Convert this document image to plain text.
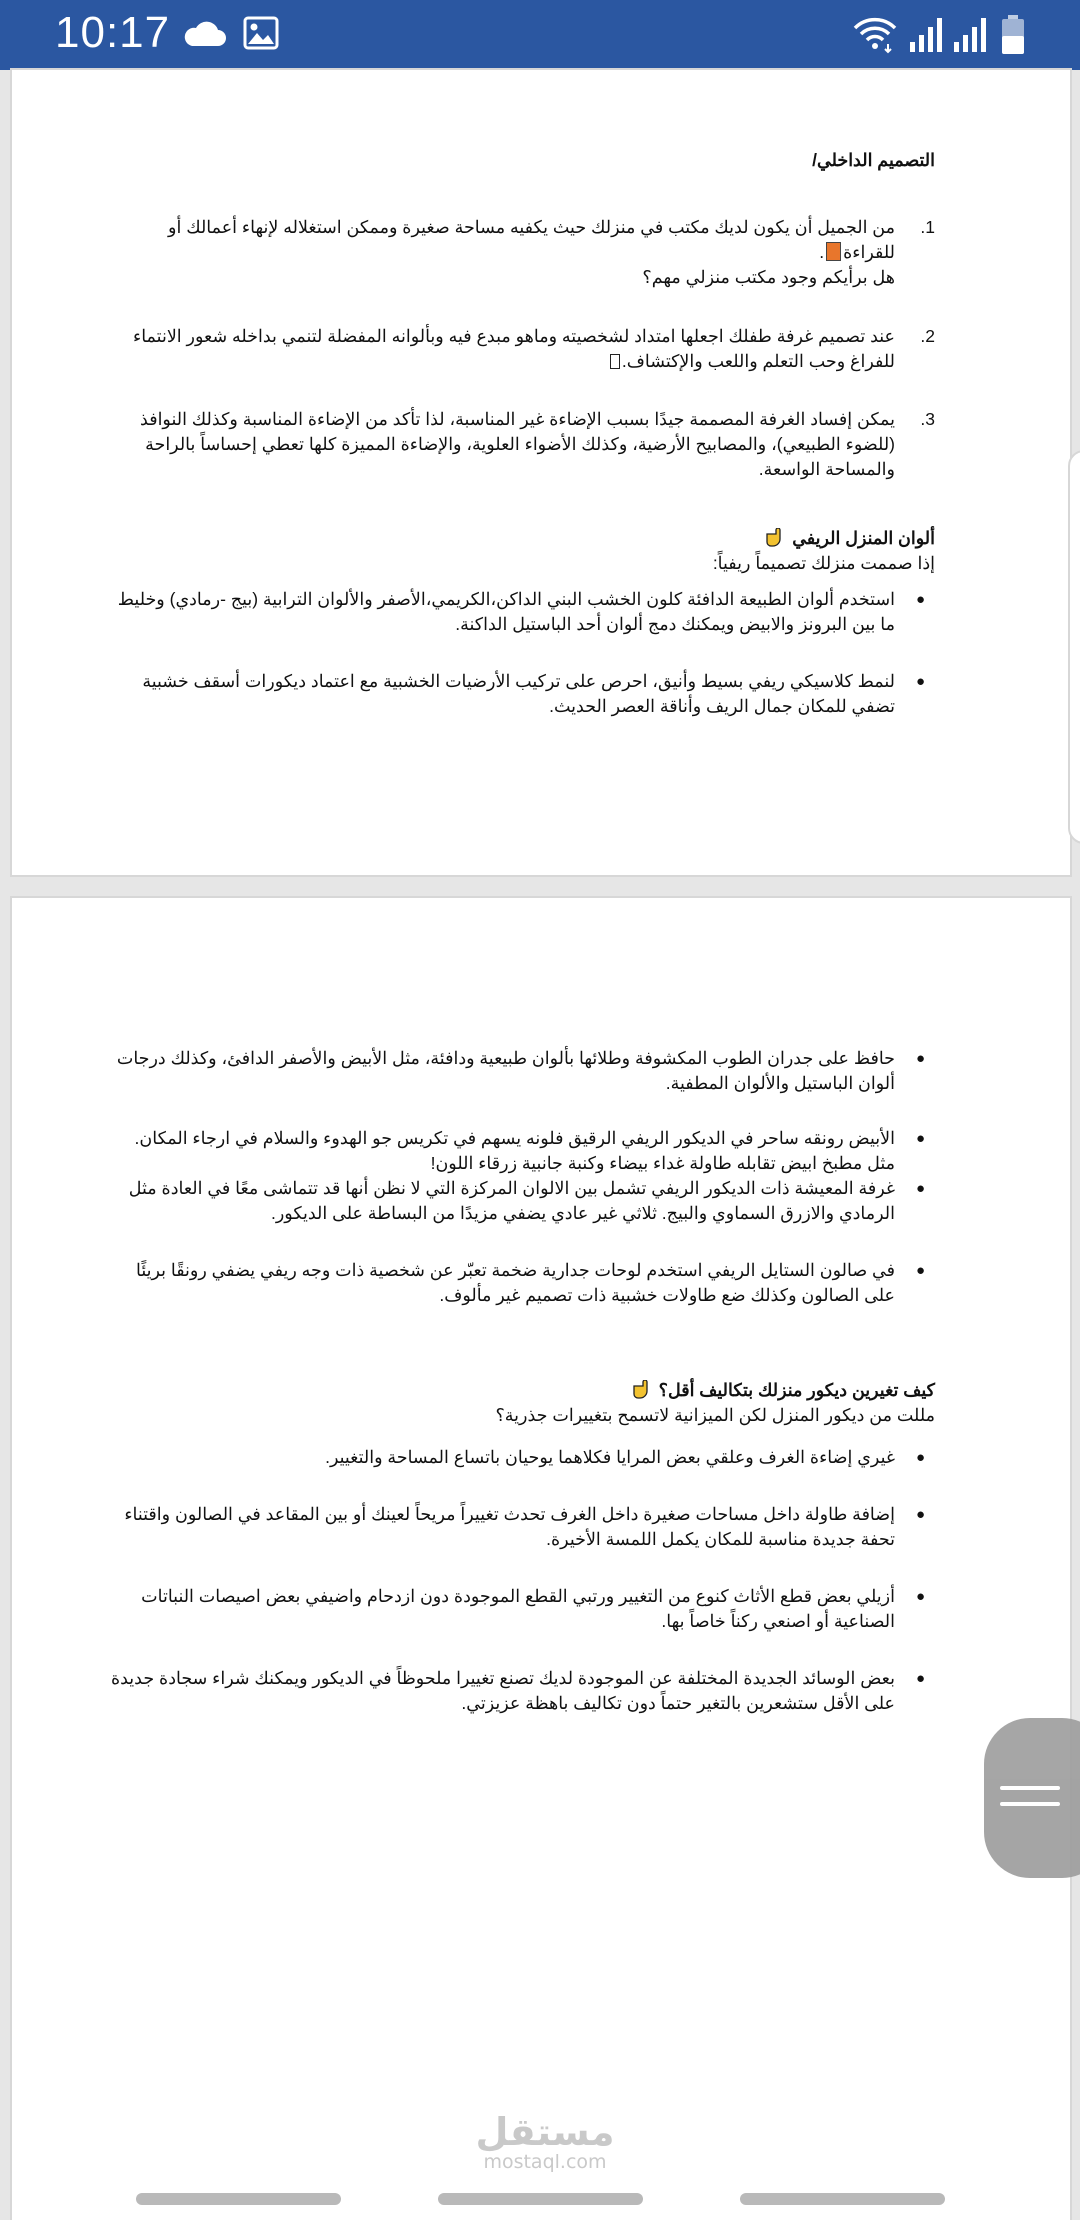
10:17

التصميم الداخلي/

.1

من الجميل أن يكون لديك مكتب في منزلك حيث يكفيه مساحة صغيرة وممكن استغلاله لإنهاء أعمالك أو

للقراءة.

هل برأيكم وجود مكتب منزلي مهم؟

.2

عند تصميم غرفة طفلك اجعلها امتداد لشخصيته وماهو مبدع فيه وبألوانه المفضلة لتنمي بداخله شعور الانتماء

للفراغ وحب التعلم واللعب والإكتشاف.

.3

يمكن إفساد الغرفة المصممة جيدًا بسبب الإضاءة غير المناسبة، لذا تأكد من الإضاءة المناسبة وكذلك النوافذ

(للضوء الطبيعي)، والمصابيح الأرضية، وكذلك الأضواء العلوية، والإضاءة المميزة كلها تعطي إحساساً بالراحة

والمساحة الواسعة.

ألوان المنزل الريفي

إذا صممت منزلك تصميماً ريفياً:

●

استخدم ألوان الطبيعة الدافئة كلون الخشب البني الداكن،الكريمي،الأصفر والألوان الترابية (بيج -رمادي) وخليط

ما بين البرونز والابيض ويمكنك دمج ألوان أحد الباستيل الداكنة.

●

لنمط كلاسيكي ريفي بسيط وأنيق، احرص على تركيب الأرضيات الخشبية مع اعتماد ديكورات أسقف خشبية

تضفي للمكان جمال الريف وأناقة العصر الحديث.

●

حافظ على جدران الطوب المكشوفة وطلائها بألوان طبيعية ودافئة، مثل الأبيض والأصفر الدافئ، وكذلك درجات

ألوان الباستيل والألوان المطفية.

●

الأبيض رونقه ساحر في الديكور الريفي الرقيق فلونه يسهم في تكريس جو الهدوء والسلام في ارجاء المكان.

مثل مطبخ ابيض تقابله طاولة غداء بيضاء وكنبة جانبية زرقاء اللون!

●

غرفة المعيشة ذات الديكور الريفي تشمل بين الالوان المركزة التي لا نظن أنها قد تتماشى معًا في العادة مثل

الرمادي والازرق السماوي والبيج. ثلاثي غير عادي يضفي مزيدًا من البساطة على الديكور.

●

في صالون الستايل الريفي استخدم لوحات جدارية ضخمة تعبّر عن شخصية ذات وجه ريفي يضفي رونقًا بريئًا

على الصالون وكذلك ضع طاولات خشبية ذات تصميم غير مألوف.

كيف تغيرين ديكور منزلك بتكاليف أقل؟

مللت من ديكور المنزل لكن الميزانية لاتسمح بتغييرات جذرية؟

●

غيري إضاءة الغرف وعلقي بعض المرايا فكلاهما يوحيان باتساع المساحة والتغيير.

●

إضافة طاولة داخل مساحات صغيرة داخل الغرف تحدث تغييراً مريحاً لعينك أو بين المقاعد في الصالون واقتناء

تحفة جديدة مناسبة للمكان يكمل اللمسة الأخيرة.

●

أزيلي بعض قطع الأثاث كنوع من التغيير ورتبي القطع الموجودة دون ازدحام واضيفي بعض اصيصات النباتات

الصناعية أو اصنعي ركناً خاصاً بها.

●

بعض الوسائد الجديدة المختلفة عن الموجودة لديك تصنع تغييرا ملحوظاً في الديكور ويمكنك شراء سجادة جديدة

على الأقل ستشعرين بالتغير حتماً دون تكاليف باهظة عزيزتي.

مستقل
mostaql.com
